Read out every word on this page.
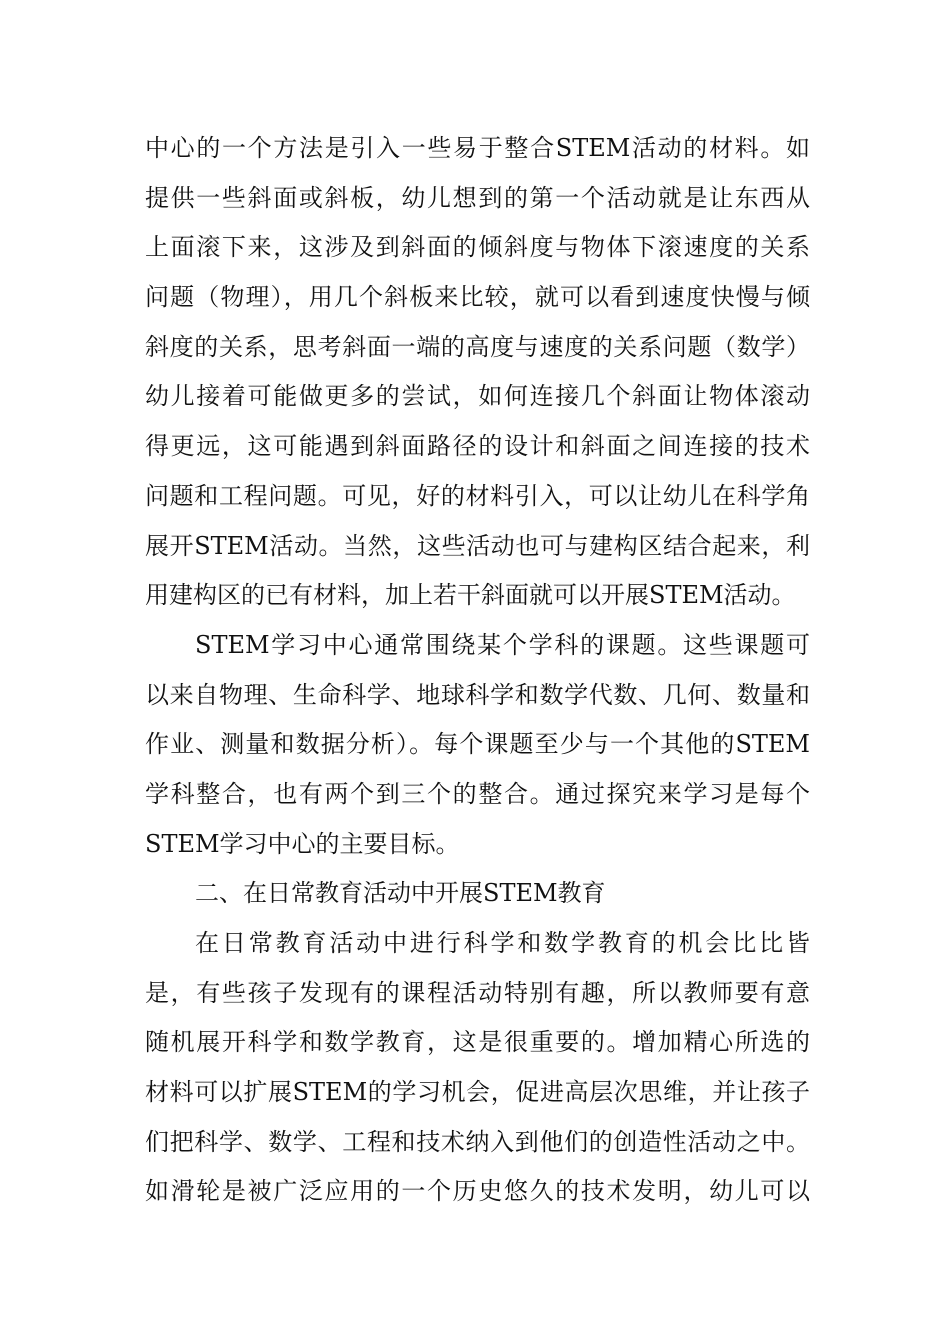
中心的一个方法是引入一些易于整合STEM活动的材料。如
提供一些斜面或斜板，幼儿想到的第一个活动就是让东西从
上面滚下来，这涉及到斜面的倾斜度与物体下滚速度的关系
问题（物理），用几个斜板来比较，就可以看到速度快慢与倾
斜度的关系，思考斜面一端的高度与速度的关系问题（数学）
幼儿接着可能做更多的尝试，如何连接几个斜面让物体滚动
得更远，这可能遇到斜面路径的设计和斜面之间连接的技术
问题和工程问题。可见，好的材料引入，可以让幼儿在科学角
展开STEM活动。当然，这些活动也可与建构区结合起来，利
用建构区的已有材料，加上若干斜面就可以开展STEM活动。
STEM学习中心通常围绕某个学科的课题。这些课题可
以来自物理、生命科学、地球科学和数学代数、几何、数量和
作业、测量和数据分析）。每个课题至少与一个其他的STEM
学科整合，也有两个到三个的整合。通过探究来学习是每个
STEM学习中心的主要目标。
二、在日常教育活动中开展STEM教育
在日常教育活动中进行科学和数学教育的机会比比皆
是，有些孩子发现有的课程活动特别有趣，所以教师要有意
随机展开科学和数学教育，这是很重要的。增加精心所选的
材料可以扩展STEM的学习机会，促进高层次思维，并让孩子
们把科学、数学、工程和技术纳入到他们的创造性活动之中。
如滑轮是被广泛应用的一个历史悠久的技术发明，幼儿可以
